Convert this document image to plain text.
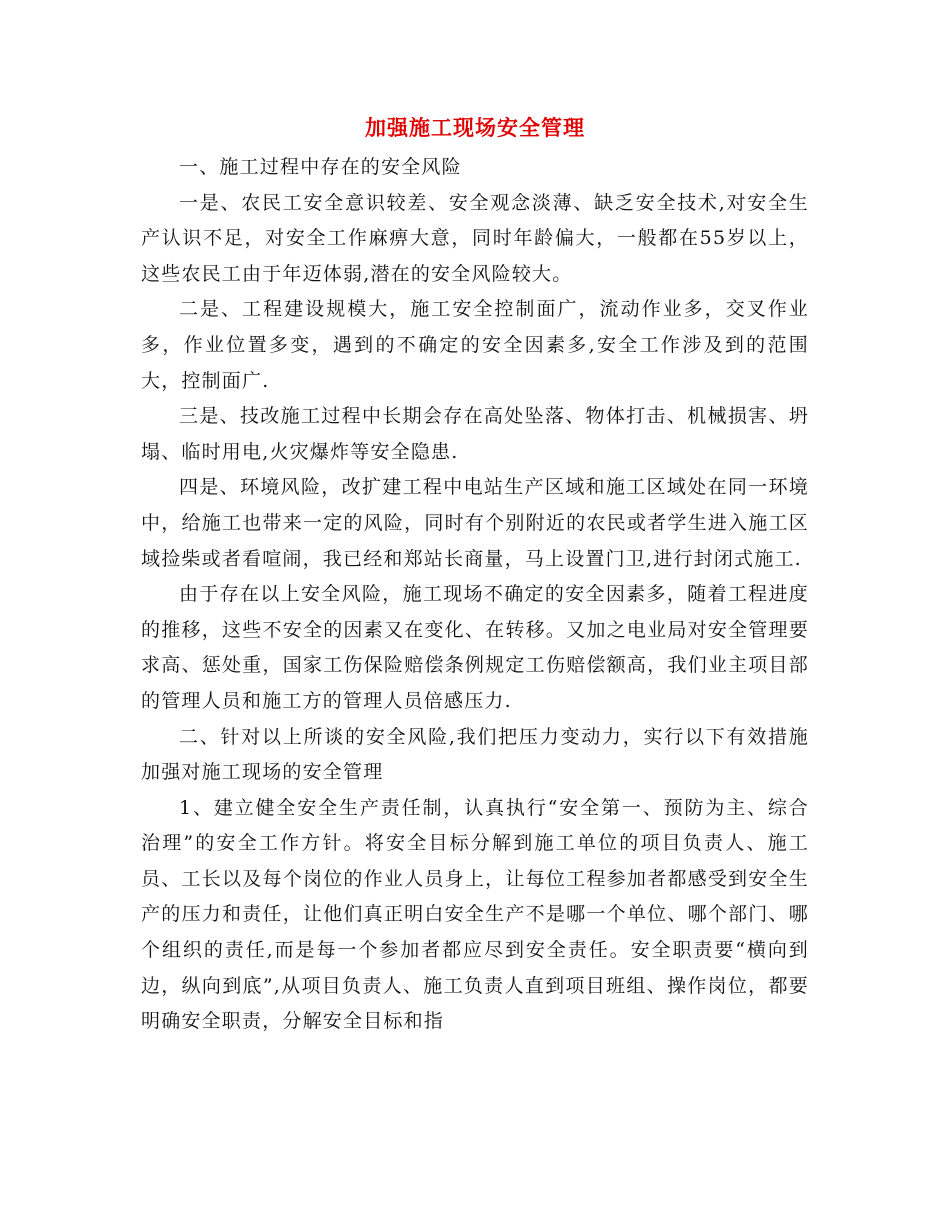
加强施工现场安全管理

一、施工过程中存在的安全风险

一是、农民工安全意识较差、安全观念淡薄、缺乏安全技术,对安全生产认识不足，对安全工作麻痹大意，同时年龄偏大，一般都在55岁以上，这些农民工由于年迈体弱,潜在的安全风险较大。

二是、工程建设规模大，施工安全控制面广，流动作业多，交叉作业多，作业位置多变，遇到的不确定的安全因素多,安全工作涉及到的范围大，控制面广.

三是、技改施工过程中长期会存在高处坠落、物体打击、机械损害、坍塌、临时用电,火灾爆炸等安全隐患.

四是、环境风险，改扩建工程中电站生产区域和施工区域处在同一环境中，给施工也带来一定的风险，同时有个别附近的农民或者学生进入施工区域捡柴或者看喧闹，我已经和郑站长商量，马上设置门卫,进行封闭式施工.

由于存在以上安全风险，施工现场不确定的安全因素多，随着工程进度的推移，这些不安全的因素又在变化、在转移。又加之电业局对安全管理要求高、惩处重，国家工伤保险赔偿条例规定工伤赔偿额高，我们业主项目部的管理人员和施工方的管理人员倍感压力.

二、针对以上所谈的安全风险,我们把压力变动力，实行以下有效措施加强对施工现场的安全管理

1、建立健全安全生产责任制，认真执行“安全第一、预防为主、综合治理”的安全工作方针。将安全目标分解到施工单位的项目负责人、施工员、工长以及每个岗位的作业人员身上，让每位工程参加者都感受到安全生产的压力和责任，让他们真正明白安全生产不是哪一个单位、哪个部门、哪个组织的责任,而是每一个参加者都应尽到安全责任。安全职责要“横向到边，纵向到底”,从项目负责人、施工负责人直到项目班组、操作岗位，都要明确安全职责，分解安全目标和指
